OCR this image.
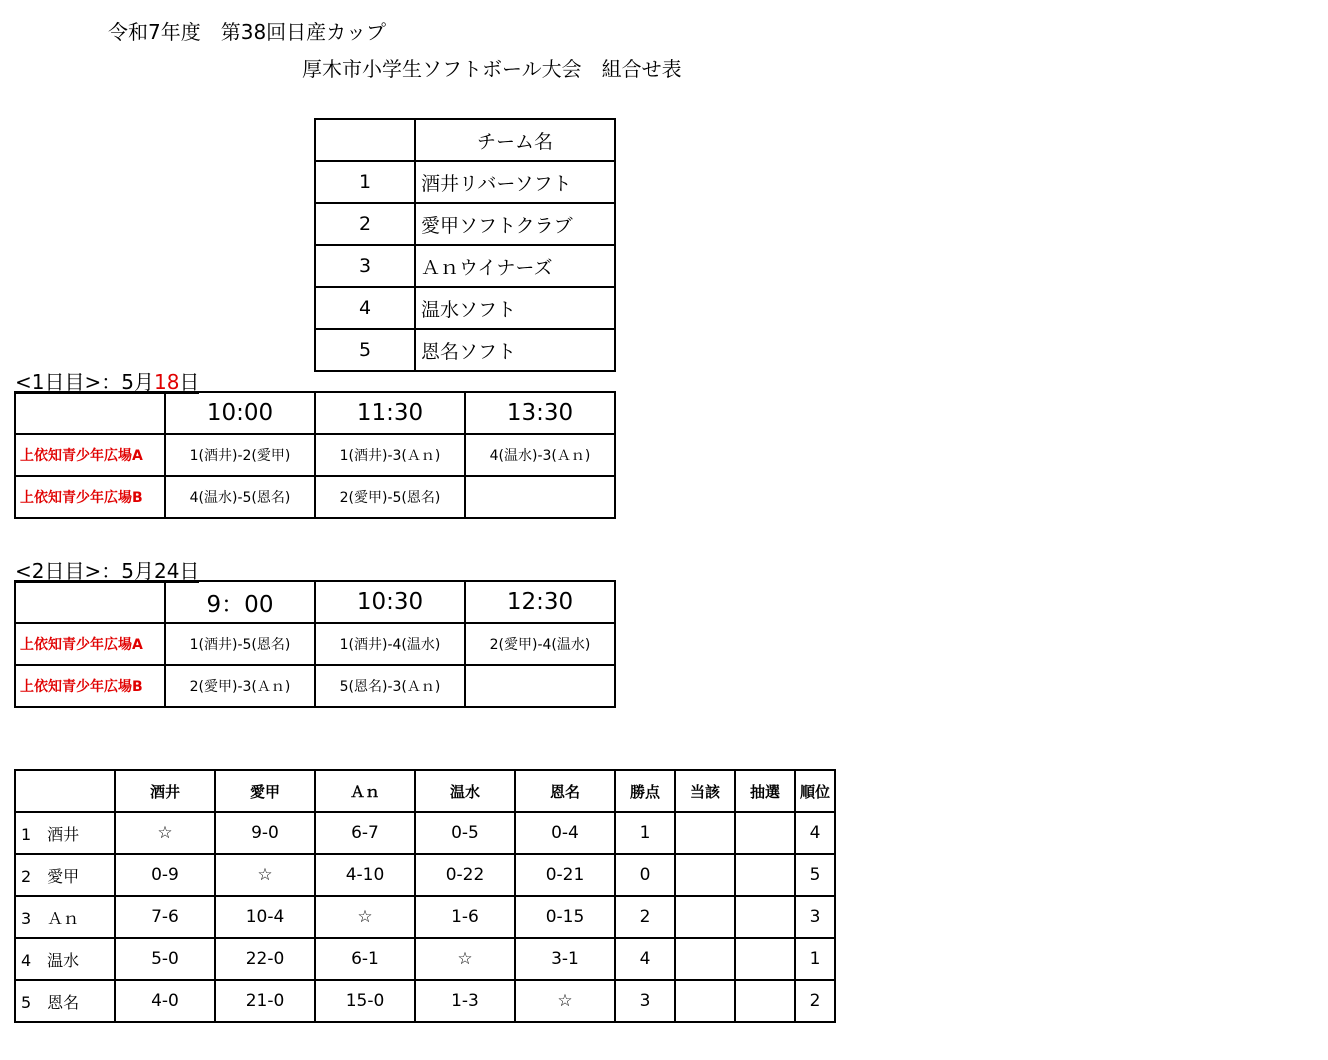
令和7年度　第38回日産カップ
厚木市小学生ソフトボール大会　組合せ表
	チーム名
1	酒井リバーソフト
2	愛甲ソフトクラブ
3	Ａｎウイナーズ
4	温水ソフト
5	恩名ソフト
<1日目>：5月18日
	10:00	11:30	13:30
上依知青少年広場A	1(酒井)-2(愛甲)	1(酒井)-3(Ａｎ)	4(温水)-3(Ａｎ)
上依知青少年広場B	4(温水)-5(恩名)	2(愛甲)-5(恩名)	
<2日目>：5月24日
	9：00	10:30	12:30
上依知青少年広場A	1(酒井)-5(恩名)	1(酒井)-4(温水)	2(愛甲)-4(温水)
上依知青少年広場B	2(愛甲)-3(Ａｎ)	5(恩名)-3(Ａｎ)	
	酒井	愛甲	Ａｎ	温水	恩名	勝点	当該	抽選	順位
1　酒井	☆	9-0	6-7	0-5	0-4	1			4
2　愛甲	0-9	☆	4-10	0-22	0-21	0			5
3　Ａｎ	7-6	10-4	☆	1-6	0-15	2			3
4　温水	5-0	22-0	6-1	☆	3-1	4			1
5　恩名	4-0	21-0	15-0	1-3	☆	3			2
